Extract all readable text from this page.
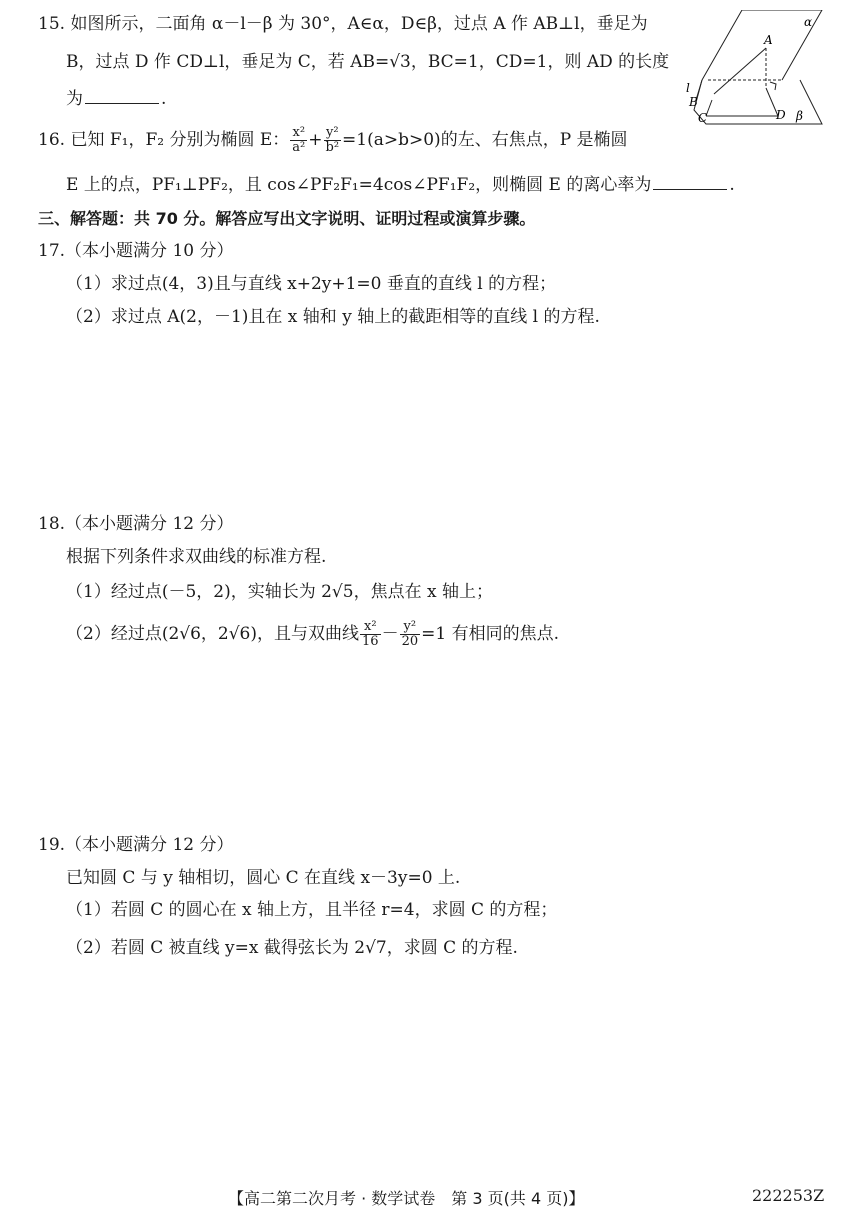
15. 如图所示，二面角 α－l－β 为 30°，A∈α，D∈β，过点 A 作 AB⊥l，垂足为
B，过点 D 作 CD⊥l，垂足为 C，若 AB=√3，BC=1，CD=1，则 AD 的长度
为	.
α
A
l
B
C	D β
16. 已知 F₁，F₂ 分别为椭圆 E： $\frac{\text{x²}}{\text{a²}} + \frac{\text{y²}}{\text{b²}} =1(a>b>0)$的左、右焦点，P 是椭圆
E 上的点，PF₁⊥PF₂，且 cos∠PF₂F₁=4cos∠PF₁F₂，则椭圆 E 的离心率为	.
三、解答题：共 70 分。解答应写出文字说明、证明过程或演算步骤。
17.（本小题满分 10 分）
（1）求过点(4，3)且与直线 x+2y+1=0 垂直的直线 l 的方程；
（2）求过点 A(2，－1)且在 x 轴和 y 轴上的截距相等的直线 l 的方程.
18.（本小题满分 12 分）
根据下列条件求双曲线的标准方程.
（1）经过点(－5，2)，实轴长为 2√5，焦点在 x 轴上；
（2）经过点(2√6，2√6)，且与双曲线 $\frac{\text{x²}}{16} - \frac{\text{y²}}{20} =1$ 有相同的焦点.
19.（本小题满分 12 分）
已知圆 C 与 y 轴相切，圆心 C 在直线 x－3y=0 上.
（1）若圆 C 的圆心在 x 轴上方，且半径 r=4，求圆 C 的方程；
（2）若圆 C 被直线 y=x 截得弦长为 2√7，求圆 C 的方程.
【高二第二次月考 · 数学试卷　第 3 页(共 4 页)】	222253Z
